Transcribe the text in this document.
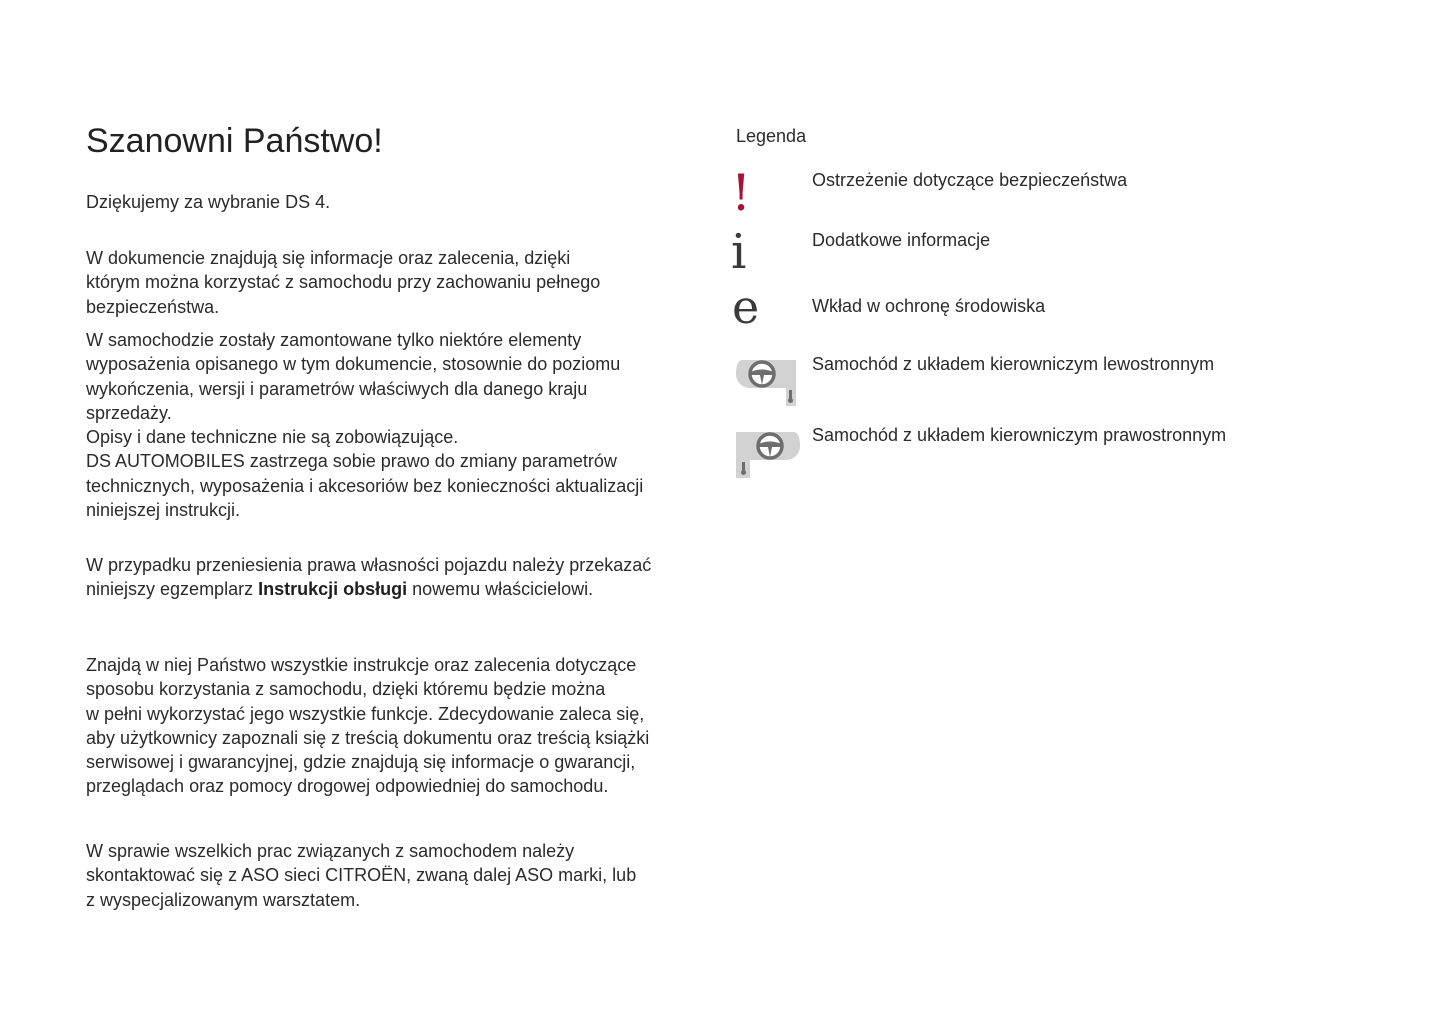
Szanowni Państwo!

Dziękujemy za wybranie DS 4.

W dokumencie znajdują się informacje oraz zalecenia, dzięki
którym można korzystać z samochodu przy zachowaniu pełnego
bezpieczeństwa.

W samochodzie zostały zamontowane tylko niektóre elementy
wyposażenia opisanego w tym dokumencie, stosownie do poziomu
wykończenia, wersji i parametrów właściwych dla danego kraju
sprzedaży.
Opisy i dane techniczne nie są zobowiązujące.
DS AUTOMOBILES zastrzega sobie prawo do zmiany parametrów
technicznych, wyposażenia i akcesoriów bez konieczności aktualizacji
niniejszej instrukcji.

W przypadku przeniesienia prawa własności pojazdu należy przekazać
niniejszy egzemplarz Instrukcji obsługi nowemu właścicielowi.

Znajdą w niej Państwo wszystkie instrukcje oraz zalecenia dotyczące
sposobu korzystania z samochodu, dzięki któremu będzie można
w pełni wykorzystać jego wszystkie funkcje. Zdecydowanie zaleca się,
aby użytkownicy zapoznali się z treścią dokumentu oraz treścią książki
serwisowej i gwarancyjnej, gdzie znajdują się informacje o gwarancji,
przeglądach oraz pomocy drogowej odpowiedniej do samochodu.

W sprawie wszelkich prac związanych z samochodem należy
skontaktować się z ASO sieci CITROËN, zwaną dalej ASO marki, lub
z wyspecjalizowanym warsztatem.

Legenda

!	Ostrzeżenie dotyczące bezpieczeństwa

i	Dodatkowe informacje

e	Wkład w ochronę środowiska

Samochód z układem kierowniczym lewostronnym

Samochód z układem kierowniczym prawostronnym
